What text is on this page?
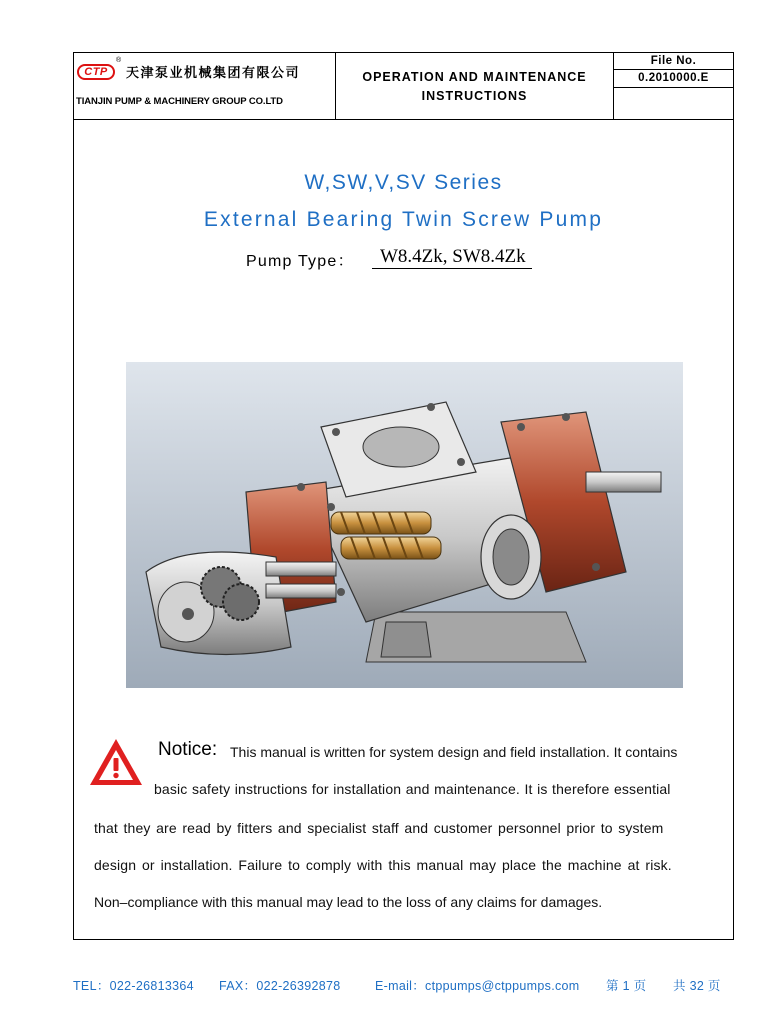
CTP
®
天津泵业机械集团有限公司
TIANJIN PUMP & MACHINERY GROUP CO.LTD
OPERATION AND MAINTENANCE
INSTRUCTIONS
File No.
0.2010000.E
W,SW,V,SV Series
External Bearing Twin Screw Pump
Pump Type：	W8.4Zk, SW8.4Zk
Notice: This manual is written for system design and field installation. It contains
basic safety instructions for installation and maintenance. It is therefore essential
that they are read by fitters and specialist staff and customer personnel prior to system
design or installation. Failure to comply with this manual may place the machine at risk.
Non–compliance with this manual may lead to the loss of any claims for damages.
TEL：022-26813364 FAX：022-26392878	E-mail：ctppumps@ctppumps.com 第 1 页 共 32 页
